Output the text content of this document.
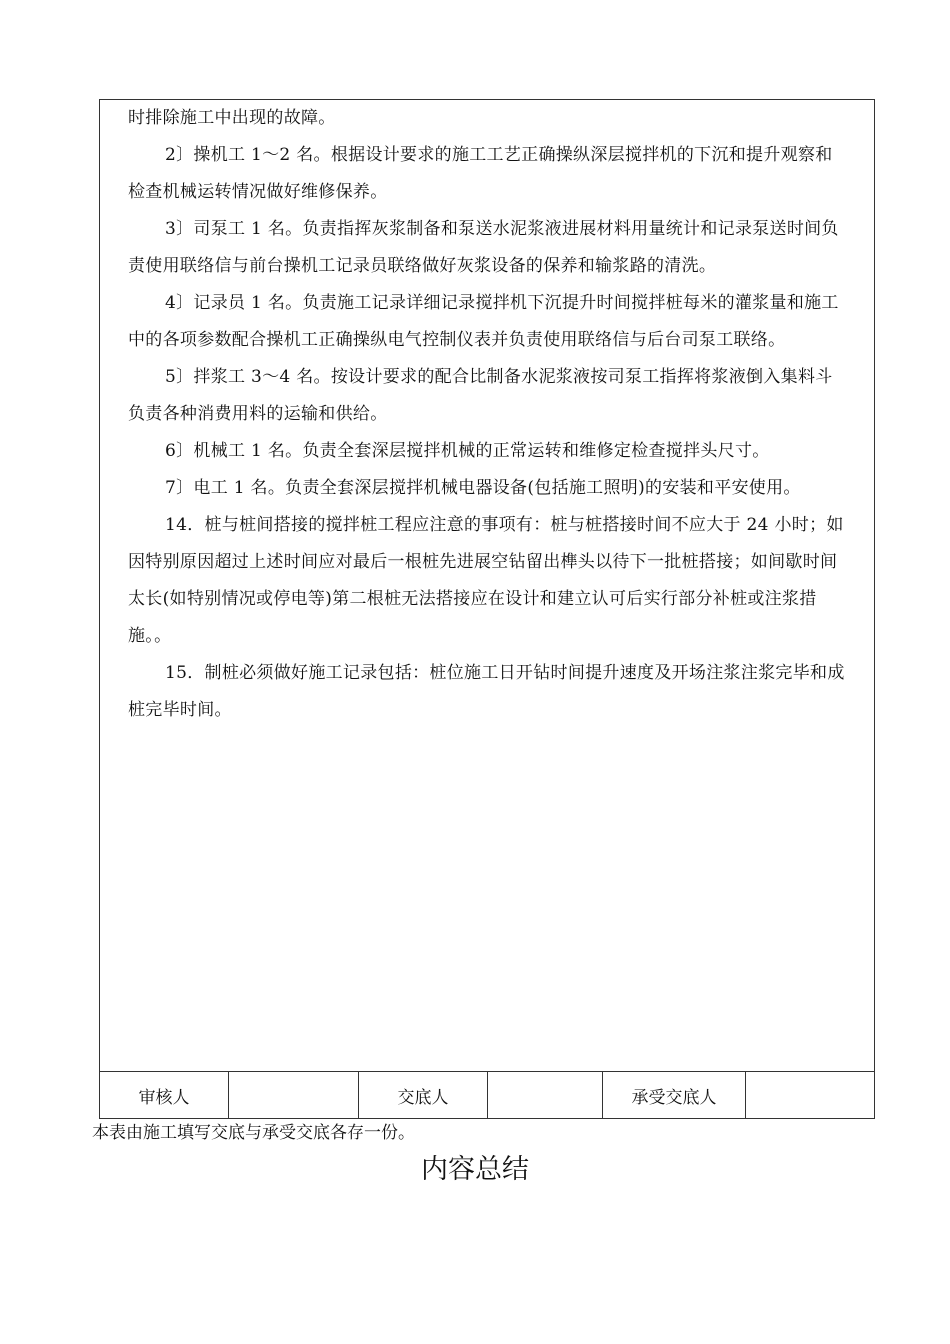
时排除施工中出现的故障。

2〕操机工 1～2 名。根据设计要求的施工工艺正确操纵深层搅拌机的下沉和提升观察和检查机械运转情况做好维修保养。

3〕司泵工 1 名。负责指挥灰浆制备和泵送水泥浆液进展材料用量统计和记录泵送时间负责使用联络信与前台操机工记录员联络做好灰浆设备的保养和输浆路的清洗。

4〕记录员 1 名。负责施工记录详细记录搅拌机下沉提升时间搅拌桩每米的灌浆量和施工中的各项参数配合操机工正确操纵电气控制仪表并负责使用联络信与后台司泵工联络。

5〕拌浆工 3～4 名。按设计要求的配合比制备水泥浆液按司泵工指挥将浆液倒入集料斗负责各种消费用料的运输和供给。

6〕机械工 1 名。负责全套深层搅拌机械的正常运转和维修定检查搅拌头尺寸。

7〕电工 1 名。负责全套深层搅拌机械电器设备(包括施工照明)的安装和平安使用。

14．桩与桩间搭接的搅拌桩工程应注意的事项有：桩与桩搭接时间不应大于 24 小时；如因特别原因超过上述时间应对最后一根桩先进展空钻留出榫头以待下一批桩搭接；如间歇时间太长(如特别情况或停电等)第二根桩无法搭接应在设计和建立认可后实行部分补桩或注浆措施。。

15．制桩必须做好施工记录包括：桩位施工日开钻时间提升速度及开场注浆注浆完毕和成桩完毕时间。

审核人	交底人	承受交底人
本表由施工填写交底与承受交底各存一份。
内容总结
